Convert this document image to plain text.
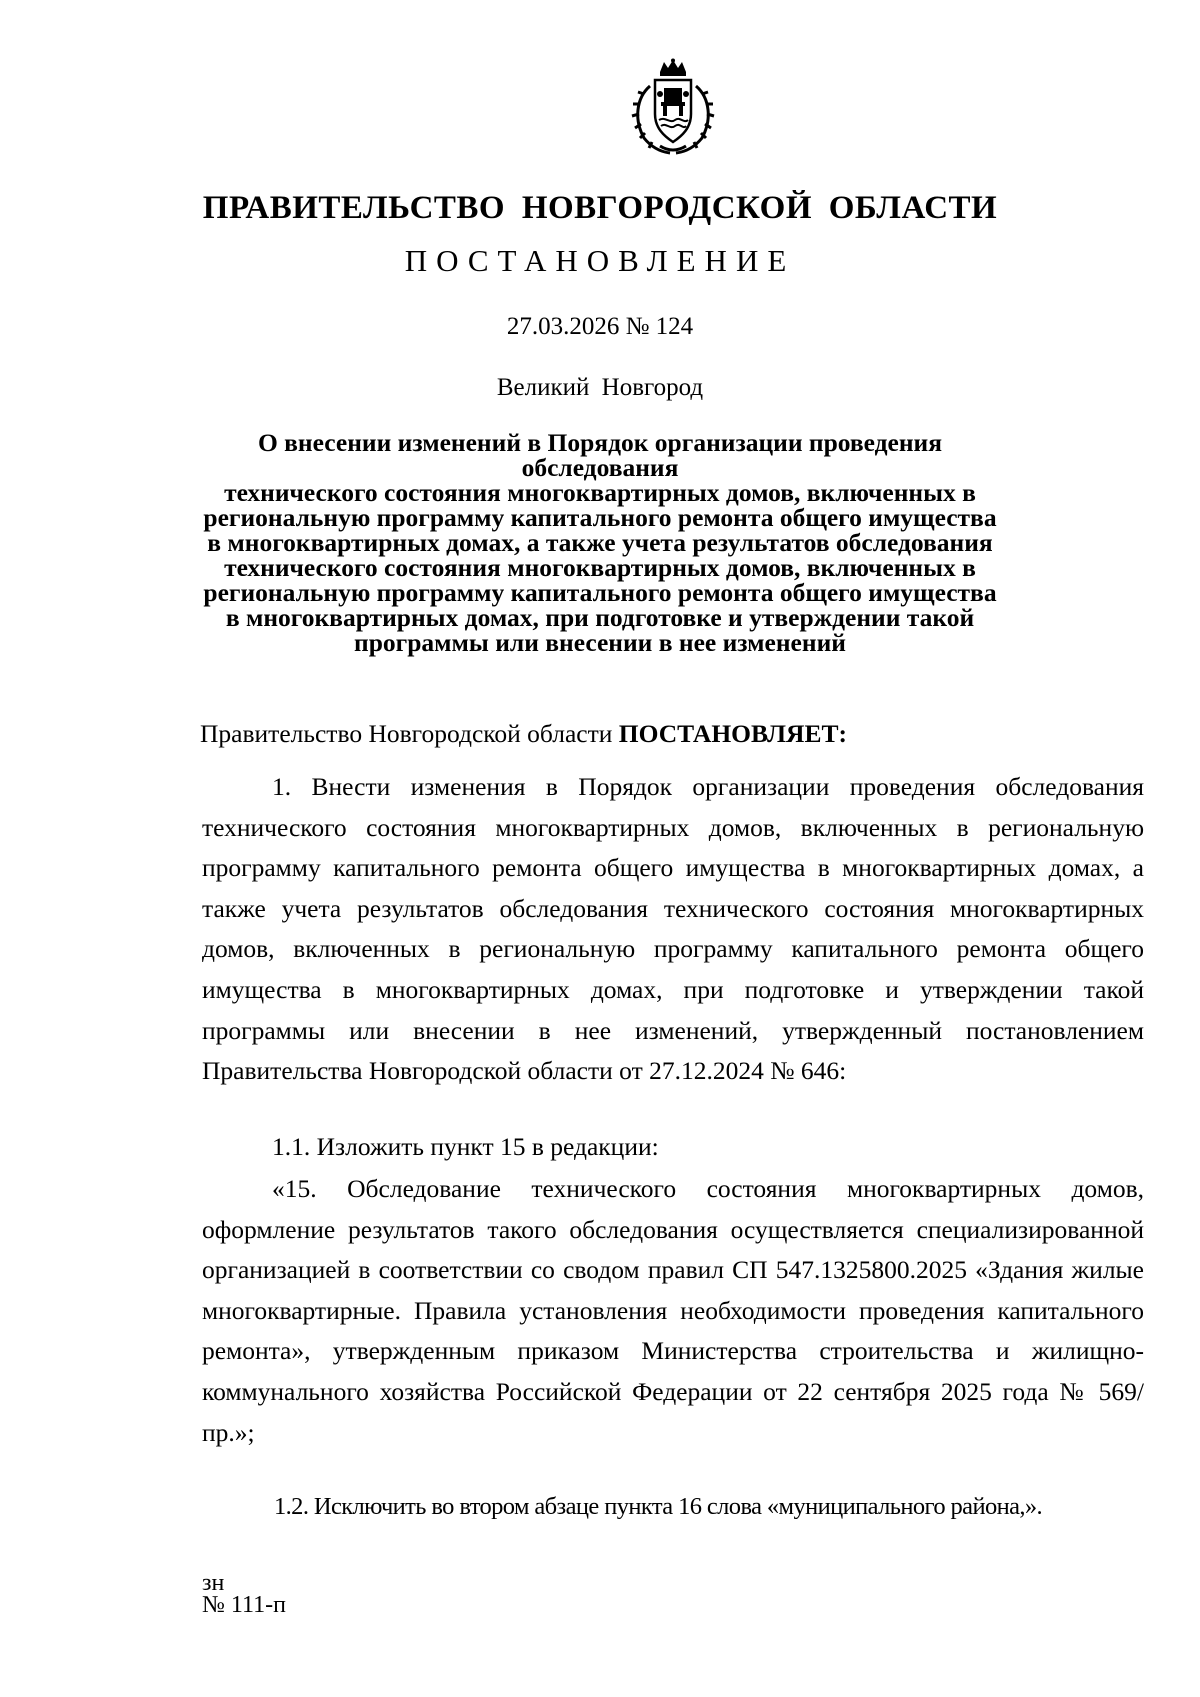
ПРАВИТЕЛЬСТВО НОВГОРОДСКОЙ ОБЛАСТИ
ПОСТАНОВЛЕНИЕ
27.03.2026 № 124
Великий Новгород
О внесении изменений в Порядок организации проведения обследования
технического состояния многоквартирных домов, включенных в
региональную программу капитального ремонта общего имущества
в многоквартирных домах, а также учета результатов обследования
технического состояния многоквартирных домов, включенных в
региональную программу капитального ремонта общего имущества
в многоквартирных домах, при подготовке и утверждении такой
программы или внесении в нее изменений
Правительство Новгородской области ПОСТАНОВЛЯЕТ:
1. Внести изменения в Порядок организации проведения обследования технического состояния многоквартирных домов, включенных в региональную программу капитального ремонта общего имущества в многоквартирных домах, а также учета результатов обследования технического состояния многоквартирных домов, включенных в региональную программу капитального ремонта общего имущества в многоквартирных домах, при подготовке и утверждении такой программы или внесении в нее изменений, утвержденный постановлением Правительства Новгородской области от 27.12.2024 № 646:
1.1. Изложить пункт 15 в редакции:
«15. Обследование технического состояния многоквартирных домов, оформление результатов такого обследования осуществляется специализированной организацией в соответствии со сводом правил СП 547.1325800.2025 «Здания жилые многоквартирные. Правила установления необходимости проведения капитального ремонта», утвержденным приказом Министерства строительства и жилищно-коммунального хозяйства Российской Федерации от 22 сентября 2025 года № 569/пр.»;
1.2. Исключить во втором абзаце пункта 16 слова «муниципального района,».
зн
№ 111-п
